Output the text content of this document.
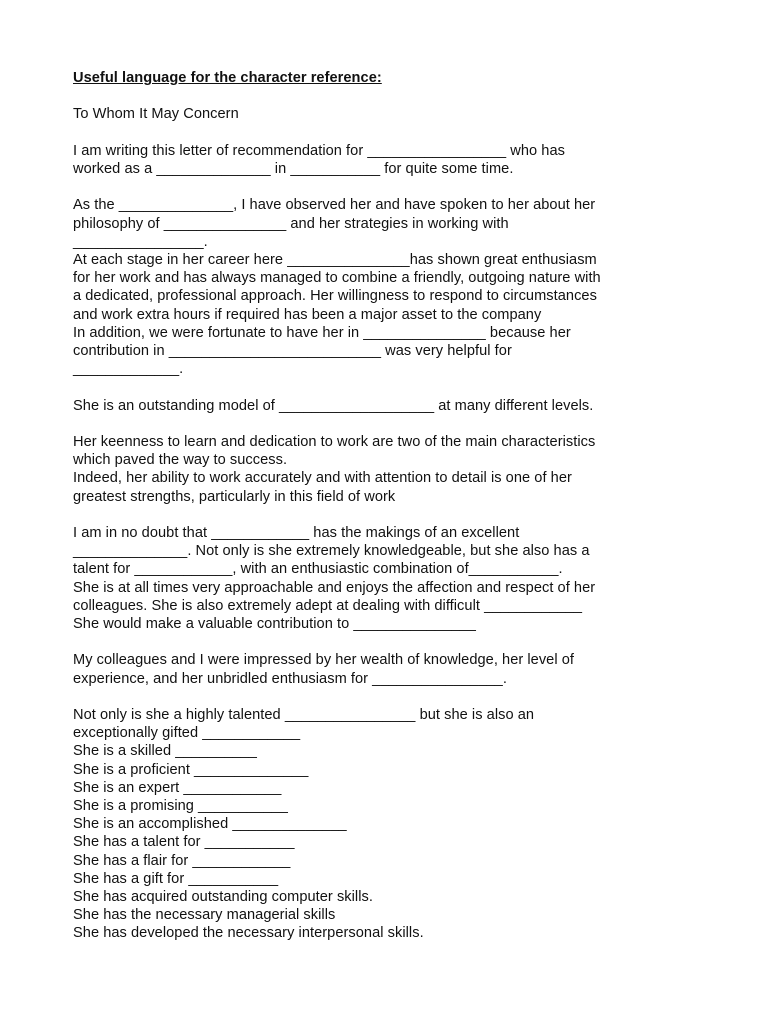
Useful language for the character reference:
To Whom It May Concern
I am writing this letter of recommendation for _________________ who has
worked as a ______________ in ___________ for quite some time.
As the ______________, I have observed her and have spoken to her about her
philosophy of _______________ and her strategies in working with
________________.
At each stage in her career here _______________has shown great enthusiasm
for her work and has always managed to combine a friendly, outgoing nature with
a dedicated, professional approach. Her willingness to respond to circumstances
and work extra hours if required has been a major asset to the company
In addition, we were fortunate to have her in _______________ because her
contribution in __________________________ was very helpful for
_____________.
She is an outstanding model of ___________________ at many different levels.
Her keenness to learn and dedication to work are two of the main characteristics
which paved the way to success.
Indeed, her ability to work accurately and with attention to detail is one of her
greatest strengths, particularly in this field of work
I am in no doubt that ____________ has the makings of an excellent
______________. Not only is she extremely knowledgeable, but she also has a
talent for ____________, with an enthusiastic combination of___________.
She is at all times very approachable and enjoys the affection and respect of her
colleagues. She is also extremely adept at dealing with difficult ____________
She would make a valuable contribution to _______________
My colleagues and I were impressed by her wealth of knowledge, her level of
experience, and her unbridled enthusiasm for ________________.
Not only is she a highly talented ________________ but she is also an
exceptionally gifted ____________
She is a skilled __________
She is a proficient ______________
She is an expert ____________
She is a promising ___________
She is an accomplished ______________
She has a talent for ___________
She has a flair for ____________
She has a gift for ___________
She has acquired outstanding computer skills.
She has the necessary managerial skills
She has developed the necessary interpersonal skills.
